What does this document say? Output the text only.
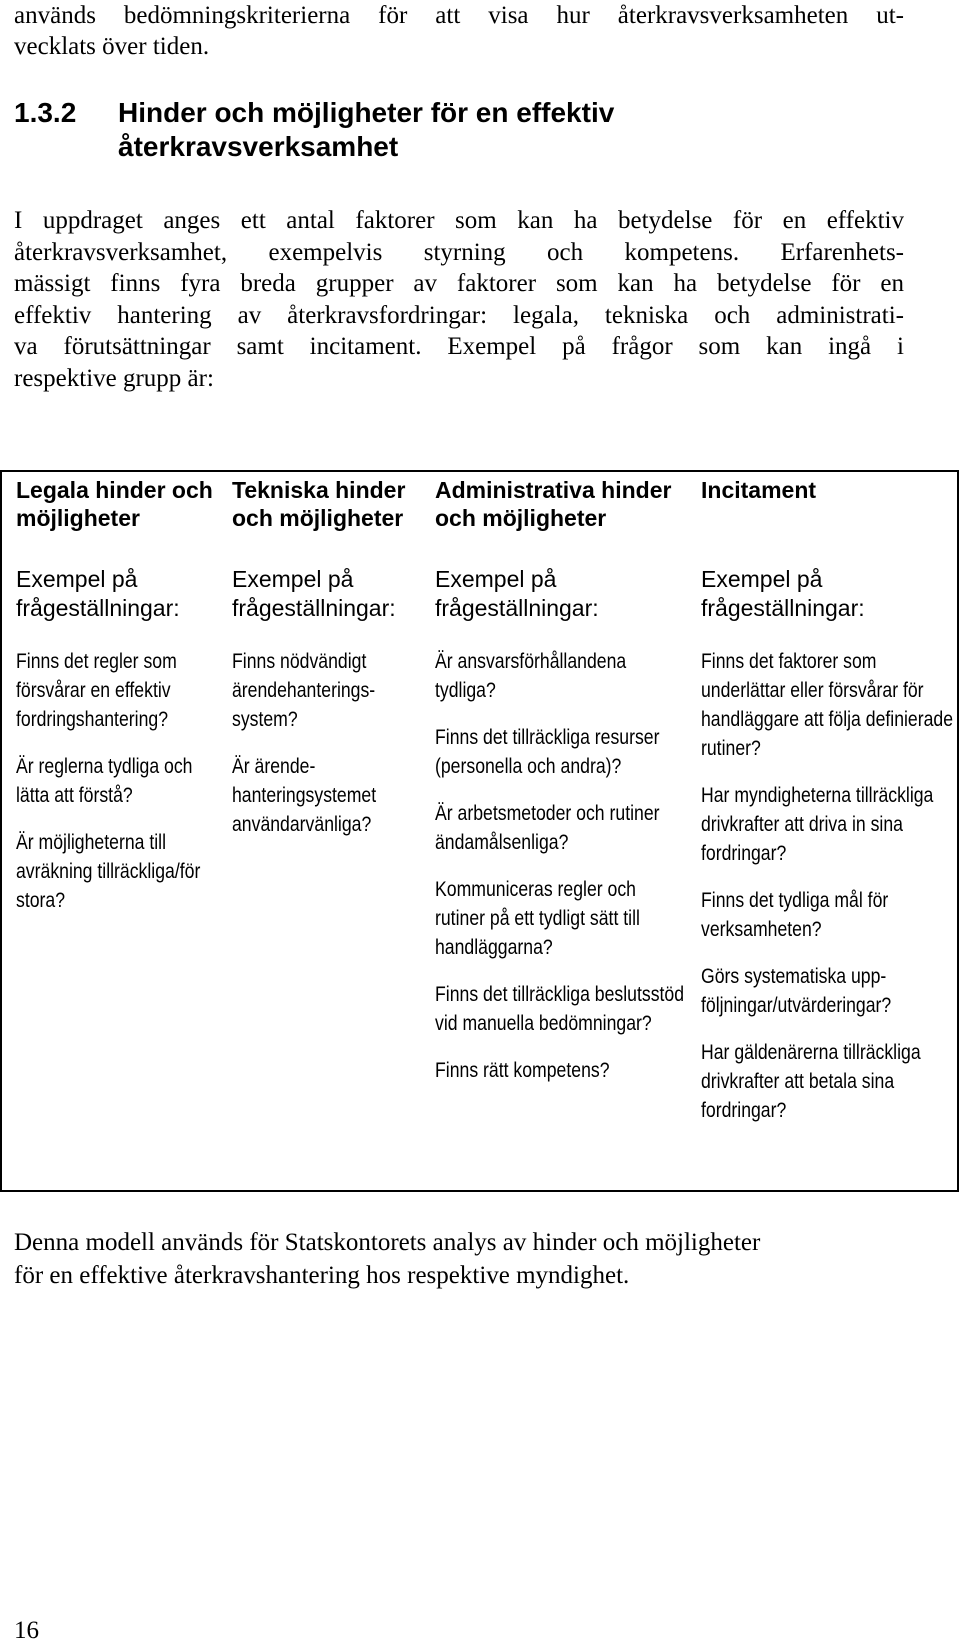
används bedömningskriterierna för att visa hur återkravsverksamheten ut-

vecklats över tiden.

1.3.2 Hinder och möjligheter för en effektiv
återkravsverksamhet

I uppdraget anges ett antal faktorer som kan ha betydelse för en effektiv
återkravsverksamhet, exempelvis styrning och kompetens. Erfarenhets-
mässigt finns fyra breda grupper av faktorer som kan ha betydelse för en
effektiv hantering av återkravsfordringar: legala, tekniska och administrati-
va förutsättningar samt incitament. Exempel på frågor som kan ingå i
respektive grupp är:

Legala hinder och möjligheter

Exempel på frågeställningar:

Finns det regler som försvårar en effektiv fordringshantering?

Är reglerna tydliga och lätta att förstå?

Är möjligheterna till avräkning tillräckliga/för stora?

Tekniska hinder och möjligheter

Exempel på frågeställningar:

Finns nödvändigt ärendehanterings-system?

Är ärende-hanteringsystemet användarvänliga?

Administrativa hinder och möjligheter

Exempel på frågeställningar:

Är ansvarsförhållandena tydliga?

Finns det tillräckliga resurser (personella och andra)?

Är arbetsmetoder och rutiner ändamålsenliga?

Kommuniceras regler och rutiner på ett tydligt sätt till handläggarna?

Finns det tillräckliga beslutsstöd vid manuella bedömningar?

Finns rätt kompetens?

Incitament

Exempel på frågeställningar:

Finns det faktorer som underlättar eller försvårar för handläggare att följa definierade rutiner?

Har myndigheterna tillräckliga drivkrafter att driva in sina fordringar?

Finns det tydliga mål för verksamheten?

Görs systematiska upp-följningar/utvärderingar?

Har gäldenärerna tillräckliga drivkrafter att betala sina fordringar?

Denna modell används för Statskontorets analys av hinder och möjligheter
för en effektive återkravshantering hos respektive myndighet.

16
